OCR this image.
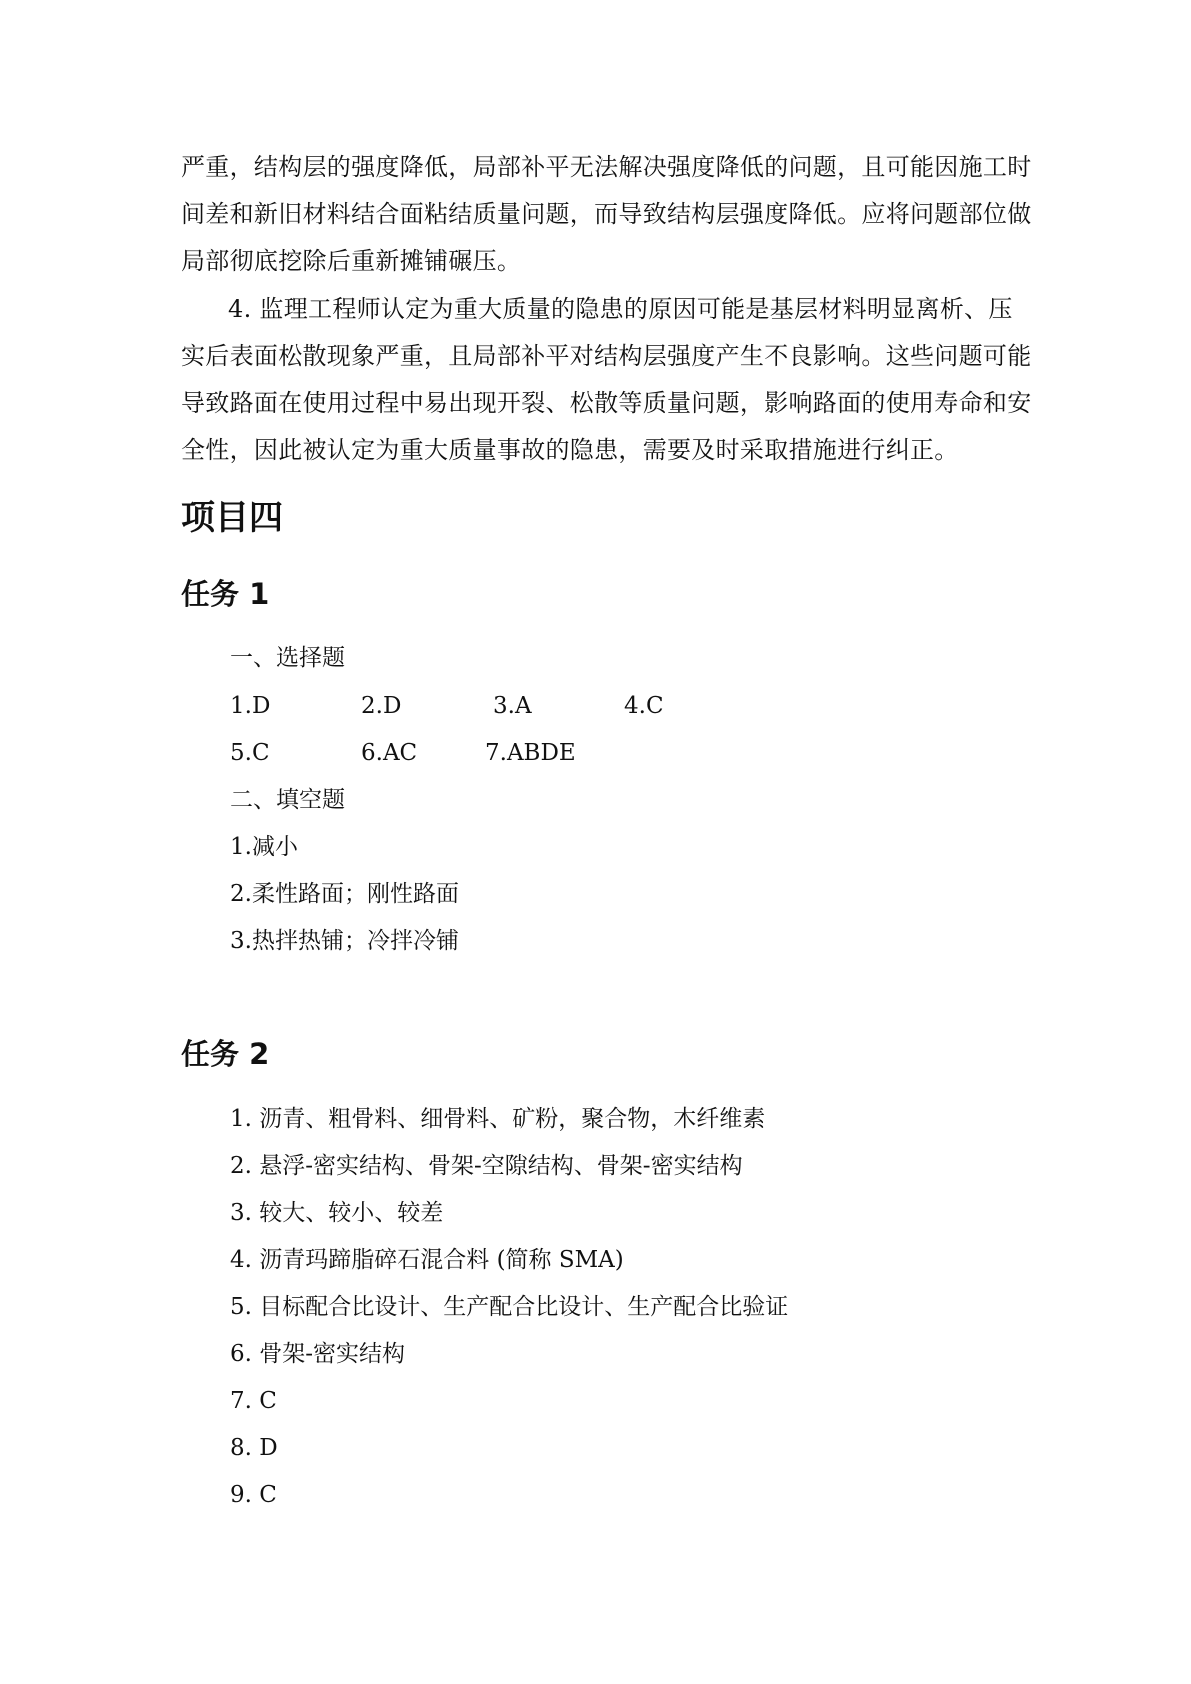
严重，结构层的强度降低，局部补平无法解决强度降低的问题，且可能因施工时
间差和新旧材料结合面粘结质量问题，而导致结构层强度降低。应将问题部位做
局部彻底挖除后重新摊铺碾压。
4. 监理工程师认定为重大质量的隐患的原因可能是基层材料明显离析、压
实后表面松散现象严重，且局部补平对结构层强度产生不良影响。这些问题可能
导致路面在使用过程中易出现开裂、松散等质量问题，影响路面的使用寿命和安
全性，因此被认定为重大质量事故的隐患，需要及时采取措施进行纠正。
项目四
任务 1
一、选择题
1.D	2.D	3.A	4.C
5.C	6.AC	7.ABDE
二、填空题
1.减小
2.柔性路面；刚性路面
3.热拌热铺；冷拌冷铺
任务 2
1. 沥青、粗骨料、细骨料、矿粉，聚合物，木纤维素
2. 悬浮-密实结构、骨架-空隙结构、骨架-密实结构
3. 较大、较小、较差
4. 沥青玛蹄脂碎石混合料 (简称 SMA)
5. 目标配合比设计、生产配合比设计、生产配合比验证
6. 骨架-密实结构
7. C
8. D
9. C
